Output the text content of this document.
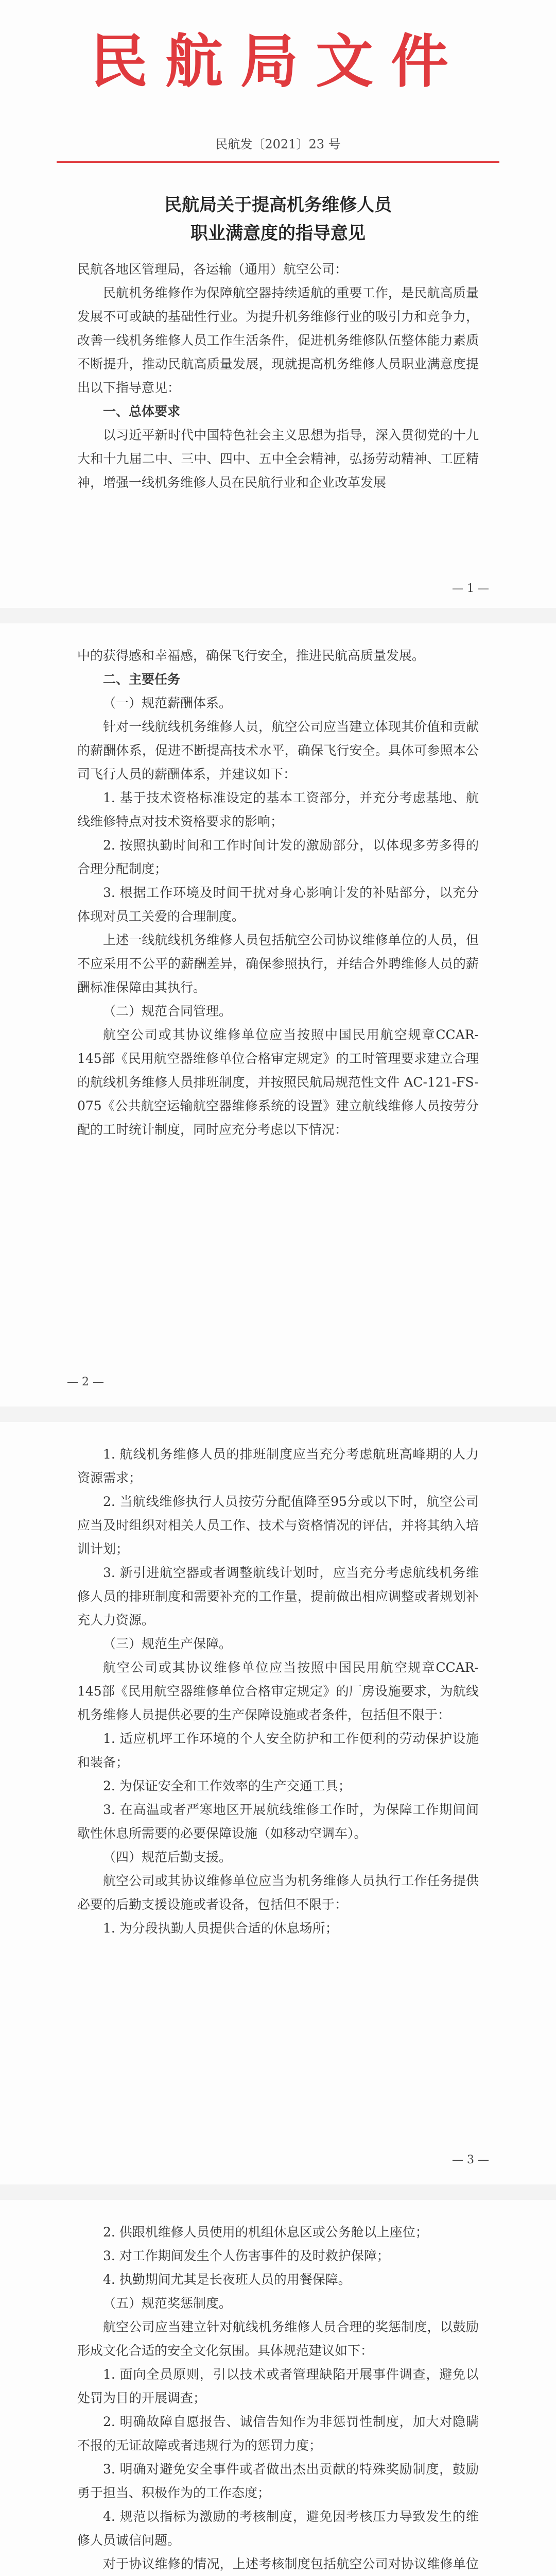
民航局文件
民航发〔2021〕23 号
民航局关于提高机务维修人员
职业满意度的指导意见

民航各地区管理局，各运输（通用）航空公司：

民航机务维修作为保障航空器持续适航的重要工作，是民航高质量发展不可或缺的基础性行业。为提升机务维修行业的吸引力和竞争力，改善一线机务维修人员工作生活条件，促进机务维修队伍整体能力素质不断提升，推动民航高质量发展，现就提高机务维修人员职业满意度提出以下指导意见：

一、总体要求

以习近平新时代中国特色社会主义思想为指导，深入贯彻党的十九大和十九届二中、三中、四中、五中全会精神，弘扬劳动精神、工匠精神，增强一线机务维修人员在民航行业和企业改革发展

— 1 —

中的获得感和幸福感，确保飞行安全，推进民航高质量发展。

二、主要任务

（一）规范薪酬体系。

针对一线航线机务维修人员，航空公司应当建立体现其价值和贡献的薪酬体系，促进不断提高技术水平，确保飞行安全。具体可参照本公司飞行人员的薪酬体系，并建议如下：

1. 基于技术资格标准设定的基本工资部分，并充分考虑基地、航线维修特点对技术资格要求的影响；

2. 按照执勤时间和工作时间计发的激励部分，以体现多劳多得的合理分配制度；

3. 根据工作环境及时间干扰对身心影响计发的补贴部分，以充分体现对员工关爱的合理制度。

上述一线航线机务维修人员包括航空公司协议维修单位的人员，但不应采用不公平的薪酬差异，确保参照执行，并结合外聘维修人员的薪酬标准保障由其执行。

（二）规范合同管理。

航空公司或其协议维修单位应当按照中国民用航空规章CCAR-145部《民用航空器维修单位合格审定规定》的工时管理要求建立合理的航线机务维修人员排班制度，并按照民航局规范性文件 AC-121-FS-075《公共航空运输航空器维修系统的设置》建立航线维修人员按劳分配的工时统计制度，同时应充分考虑以下情况：

— 2 —

1. 航线机务维修人员的排班制度应当充分考虑航班高峰期的人力资源需求；

2. 当航线维修执行人员按劳分配值降至95分或以下时，航空公司应当及时组织对相关人员工作、技术与资格情况的评估，并将其纳入培训计划；

3. 新引进航空器或者调整航线计划时，应当充分考虑航线机务维修人员的排班制度和需要补充的工作量，提前做出相应调整或者规划补充人力资源。

（三）规范生产保障。

航空公司或其协议维修单位应当按照中国民用航空规章CCAR-145部《民用航空器维修单位合格审定规定》的厂房设施要求，为航线机务维修人员提供必要的生产保障设施或者条件，包括但不限于：

1. 适应机坪工作环境的个人安全防护和工作便利的劳动保护设施和装备；

2. 为保证安全和工作效率的生产交通工具；

3. 在高温或者严寒地区开展航线维修工作时，为保障工作期间间歇性休息所需要的必要保障设施（如移动空调车）。

（四）规范后勤支援。

航空公司或其协议维修单位应当为机务维修人员执行工作任务提供必要的后勤支援设施或者设备，包括但不限于：

1. 为分段执勤人员提供合适的休息场所；

— 3 —

2. 供跟机维修人员使用的机组休息区或公务舱以上座位；

3. 对工作期间发生个人伤害事件的及时救护保障；

4. 执勤期间尤其是长夜班人员的用餐保障。

（五）规范奖惩制度。

航空公司应当建立针对航线机务维修人员合理的奖惩制度，以鼓励形成文化合适的安全文化氛围。具体规范建议如下：

1. 面向全员原则，引以技术或者管理缺陷开展事件调查，避免以处罚为目的开展调查；

2. 明确故障自愿报告、诚信告知作为非惩罚性制度，加大对隐瞒不报的无证故障或者违规行为的惩罚力度；

3. 明确对避免安全事件或者做出杰出贡献的特殊奖励制度，鼓励勇于担当、积极作为的工作态度；

4. 规范以指标为激励的考核制度，避免因考核压力导致发生的维修人员诚信问题。

对于协议维修的情况，上述考核制度包括航空公司对协议维修单位
